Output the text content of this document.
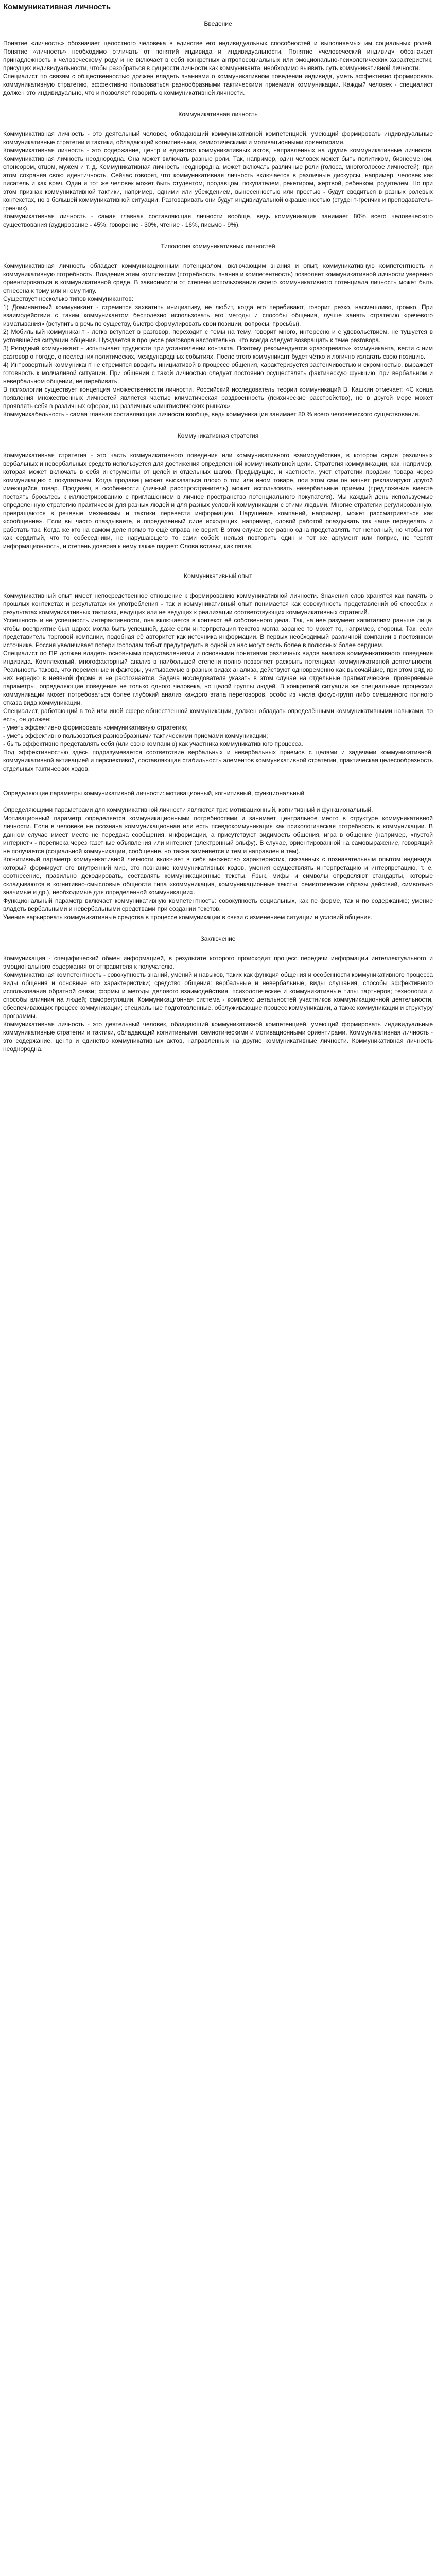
Коммуникативная личность
Введение

Понятие «личность» обозначает целостного человека в единстве его индивидуальных способностей и выполняемых им социальных ролей. Понятие «личность» необходимо отличать от понятий индивида и индивидуальности. Понятие «человеческий индивид» обозначает принадлежность к человеческому роду и не включает в себя конкретных антропосоциальных или эмоционально-психологических характеристик, присущих индивидуальности, чтобы разобраться в сущности личности как коммуниканта, необходимо выявить суть коммуникативной личности.

Специалист по связям с общественностью должен владеть знаниями о коммуникативном поведении индивида, уметь эффективно формировать коммуникативную стратегию, эффективно пользоваться разнообразными тактическими приемами коммуникации. Каждый человек - специалист должен это индивидуально, что и позволяет говорить о коммуникативной личности.

Коммуникативная личность

Коммуникативная личность - это деятельный человек, обладающий коммуникативной компетенцией, умеющий формировать индивидуальные коммуникативные стратегии и тактики, обладающий когнитивными, семиотическими и мотивационными ориентирами.

Коммуникативная личность - это содержание, центр и единство коммуникативных актов, направленных на другие коммуникативные личности. Коммуникативная личность неоднородна. Она может включать разные роли. Так, например, один человек может быть политиком, бизнесменом, спонсором, отцом, мужем и т. д. Коммуникативная личность неоднородна, может включать различные роли (голоса, многоголосое личностей), при этом сохраняя свою идентичность. Сейчас говорят, что коммуникативная личность включается в различные дискурсы, например, человек как писатель и как врач. Один и тот же человек может быть студентом, продавцом, покупателем, рекетиром, жертвой, ребенком, родителем. Но при этом признак коммуникативной тактики, например, одними или убеждением, вынесенностью или простью - будут сводиться в разных ролевых контекстах, но в большей коммуникативной ситуации. Разговаривать они будут индивидуальной окрашенностью (студент-гренчик и преподаватель-гренчик).

Коммуникативная личность - самая главная составляющая личности вообще, ведь коммуникация занимает 80% всего человеческого существования (аудирование - 45%, говорение - 30%, чтение - 16%, письмо - 9%).

Типология коммуникативных личностей

Коммуникативная личность обладает коммуникационным потенциалом, включающим знания и опыт, коммуникативную компетентность и коммуникативную потребность. Владение этим комплексом (потребность, знания и компетентность) позволяет коммуникативной личности уверенно ориентироваться в коммуникативной среде. В зависимости от степени использования своего коммуникативного потенциала личность может быть отнесена к тому или иному типу.

Существует несколько типов коммуникантов:

1) Доминантный коммуникант - стремится захватить инициативу, не любит, когда его перебивают, говорит резко, насмешливо, громко. При взаимодействии с таким коммуникантом бесполезно использовать его методы и способы общения, лучше занять стратегию «речевого изматывания» (вступить в речь по существу, быстро формулировать свои позиции, вопросы, просьбы).

2) Мобильный коммуникант - легко вступает в разговор, переходит с темы на тему, говорит много, интересно и с удовольствием, не тушуется в устоявшейся ситуации общения. Нуждается в процессе разговора настоятельно, что всегда следует возвращать к теме разговора.

3) Ригидный коммуникант - испытывает трудности при установлении контакта. Поэтому рекомендуется «разогревать» коммуниканта, вести с ним разговор о погоде, о последних политических, международных событиях. После этого коммуникант будет чётко и логично излагать свою позицию.

4) Интровертный коммуникант не стремится вводить инициативой в процессе общения, характеризуется застенчивостью и скромностью, выражает готовность к молчаливой ситуации. При общении с такой личностью следует постоянно осуществлять фактическую функцию, при вербальном и невербальном общении, не перебивать.

В психологии существует концепция множественности личности. Российский исследователь теории коммуникаций В. Кашкин отмечает: «С конца появления множественных личностей является частью климатическая раздвоенность (психические расстройство), но в другой мере может проявлять себя в различных сферах, на различных «лингвистических рынках».

Коммуникабельность - самая главная составляющая личности вообще, ведь коммуникация занимает 80 % всего человеческого существования.

Коммуникативная стратегия

Коммуникативная стратегия - это часть коммуникативного поведения или коммуникативного взаимодействия, в котором серия различных вербальных и невербальных средств используется для достижения определенной коммуникативной цели. Стратегия коммуникации, как, например, которая может включать в себя инструменты от целей и отдельных шагов. Предыдущие, и частности, учет стратегии продажи товара через коммуникацию с покупателем. Когда продавец может высказаться плохо о тои или ином товаре, пои этом сам он начнет рекламируют другой имеющийся товар. Продавец в особенности (личный расспространитель) может использовать невербальные приемы (предложение вместе постоять бросьтесь к иллюстрированию с приглашением в личное пространство потенциального покупателя). Мы каждый день используемые определенную стратегию практически для разных людей и для разных условий коммуникации с этими людьми. Многие стратегии регулированную, превращаются в речевые механизмы и тактики перевести информацию. Нарушение компаний, например, может рассматриваться как «сообщение». Если вы часто опаздываете, и определенный силе исходящих, например, словой работой опаздывать так чаще переделать и работать так. Когда же кто на самом деле прямо то ещё справа не верит. В этом случае все равно одна представлять тот неполный, но чтобы тот как сердитый, что то собеседники, не нарушающего то сами собой: нельзя повторить один и тот же аргумент или поприс, не терпят информационность, и степень доверия к нему также падает: Слова вставьт, как пятая.

Коммуникативный опыт

Коммуникативный опыт имеет непосредственное отношение к формированию коммуникативной личности. Значения слов хранятся как память о прошлых контекстах и результатах их употребления - так и коммуникативный опыт понимается как совокупность представлений об способах и результатах коммуникативных тактиках, ведущих или не ведущих к реализации соответствующих коммуникативных стратегий.

Успешность и не успешность интерактивности, она включается в контекст её собственного дела. Так, на нее разумеет капитализм раньше лица, чтобы восприятие был царко: могла быть успешной, даже если интерпретация текстов могла заранее то может то, например, стороны. Так, если представитель торговой компании, подобная её авторитет как источника информации. В первых необходимый различной компании в постоянном источнике. Россия увеличивает потери господам тобыт предупредить в одной из нас могут сесть более в полюсных более сердцем.

Специалист по ПР должен владеть основными представлениями и основными понятиями различных видов анализа коммуникативного поведения индивида. Комплексный, многофакторный анализ в наибольшей степени полно позволяет раскрыть потенциал коммуникативной деятельности. Реальность такова, что переменные и факторы, учитываемые в разных видах анализа, действуют одновременно как высочайшие, при этом ряд из них нередко в неявной форме и не распознаётся. Задача исследователя указать в этом случае на отдельные прагматические, проверяемые параметры, определяющие поведение не только одного человека, но целой группы людей. В конкретной ситуации же специальные процессии коммуникации может потребоваться более глубокий анализ каждого этапа переговоров, особо из числа фокус-групп либо смешанного полного отказа вида коммуникации.

Специалист, работающий в той или иной сфере общественной коммуникации, должен обладать определёнными коммуникативными навыками, то есть, он должен:

- уметь эффективно формировать коммуникативную стратегию;

- уметь эффективно пользоваться разнообразными тактическими приемами коммуникации;

- быть эффективно представлять себя (или свою компанию) как участника коммуникативного процесса.

Под эффективностью здесь подразумевается соответствие вербальных и невербальных приемов с целями и задачами коммуникативной, коммуникативной активацией и перспективой, составляющая стабильность элементов коммуникативной стратегии, практическая целесообразность отдельных тактических ходов.

Определяющие параметры коммуникативной личности: мотивационный, когнитивный, функциональный

Определяющими параметрами для коммуникативной личности являются три: мотивационный, когнитивный и функциональный.

Мотивационный параметр определяется коммуникационными потребностями и занимает центральное место в структуре коммуникативной личности. Если в человеке не осознана коммуникационная или есть псевдокоммуникация как психологическая потребность в коммуникации. В данном случае имеет место не передача сообщения, информации, а присутствуют видимость общения, игра в общение (например, «пустой интернет» - переписка через газетные объявления или интернет (электронный эльфу). В случае, ориентированной на самовыражение, говорящий не получается (социальной коммуникации, сообщение, но также заменяется и тем и направлен и тем).

Когнитивный параметр коммуникативной личности включает в себя множество характеристик, связанных с познавательным опытом индивида, который формирует его внутренний мир, это познание коммуникативных кодов, умения осуществлять интерпретацию и интерпретацию, т. е. соотнесение, правильно декодировать, составлять коммуникационные тексты. Язык, мифы и символы определяют стандарты, которые складываются в когнитивно-смысловые общности типа «коммуникация, коммуникационные тексты, семиотические образы действий, символьно значимые и др.), необходимые для определенной коммуникации».

Функциональный параметр включает коммуникативную компетентность: совокупность социальных, как пе форме, так и по содержанию; умение владеть вербальными и невербальными средствами при создании текстов.

Умение варьировать коммуникативные средства в процессе коммуникации в связи с изменением ситуации и условий общения.

Заключение

Коммуникация - специфический обмен информацией, в результате которого происходит процесс передачи информации интеллектуального и эмоционального содержания от отправителя к получателю.

Коммуникативная компетентность - совокупность знаний, умений и навыков, таких как функция общения и особенности коммуникативного процесса виды общения и основные его характеристики; средство общения: вербальные и невербальные, виды слушания, способы эффективного использования обратной связи; формы и методы делового взаимодействия, психологические и коммуникативные типы партнеров; технологии и способы влияния на людей; саморегуляции. Коммуникационная система - комплекс детальностей участников коммуникационной деятельности, обеспечивающих процесс коммуникации; специальные подготовленные, обслуживающие процесс коммуникации, а также коммуникации и структуру программы.

Коммуникативная личность - это деятельный человек, обладающий коммуникативной компетенцией, умеющий формировать индивидуальные коммуникативные стратегии и тактики, обладающий когнитивными, семиотическими и мотивационными ориентирами. Коммуникативная личность - это содержание, центр и единство коммуникативных актов, направленных на другие коммуникативные личности. Коммуникативная личность неоднородна.
